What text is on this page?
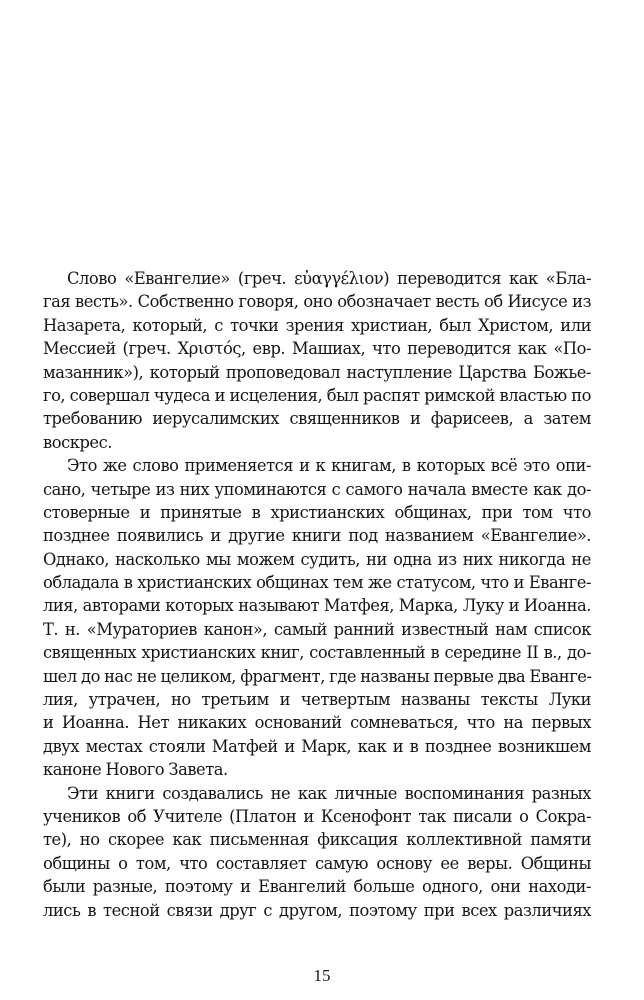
Слово «Евангелие» (греч. εὐαγγέλιον) переводится как «Бла-
гая весть». Собственно говоря, оно обозначает весть об Иисусе из
Назарета, который, с точки зрения христиан, был Христом, или
Мессией (греч. Χριστός, евр. Машиах, что переводится как «По-
мазанник»), который проповедовал наступление Царства Божье-
го, совершал чудеса и исцеления, был распят римской властью по
требованию иерусалимских священников и фарисеев, а затем
воскрес.
Это же слово применяется и к книгам, в которых всё это опи-
сано, четыре из них упоминаются с самого начала вместе как до-
стоверные и принятые в христианских общинах, при том что
позднее появились и другие книги под названием «Евангелие».
Однако, насколько мы можем судить, ни одна из них никогда не
обладала в христианских общинах тем же статусом, что и Еванге-
лия, авторами которых называют Матфея, Марка, Луку и Иоанна.
Т. н. «Мураториев канон», самый ранний известный нам список
священных христианских книг, составленный в середине II в., до-
шел до нас не целиком, фрагмент, где названы первые два Еванге-
лия, утрачен, но третьим и четвертым названы тексты Луки
и Иоанна. Нет никаких оснований сомневаться, что на первых
двух местах стояли Матфей и Марк, как и в позднее возникшем
каноне Нового Завета.
Эти книги создавались не как личные воспоминания разных
учеников об Учителе (Платон и Ксенофонт так писали о Сокра-
те), но скорее как письменная фиксация коллективной памяти
общины о том, что составляет самую основу ее веры. Общины
были разные, поэтому и Евангелий больше одного, они находи-
лись в тесной связи друг с другом, поэтому при всех различиях
15
